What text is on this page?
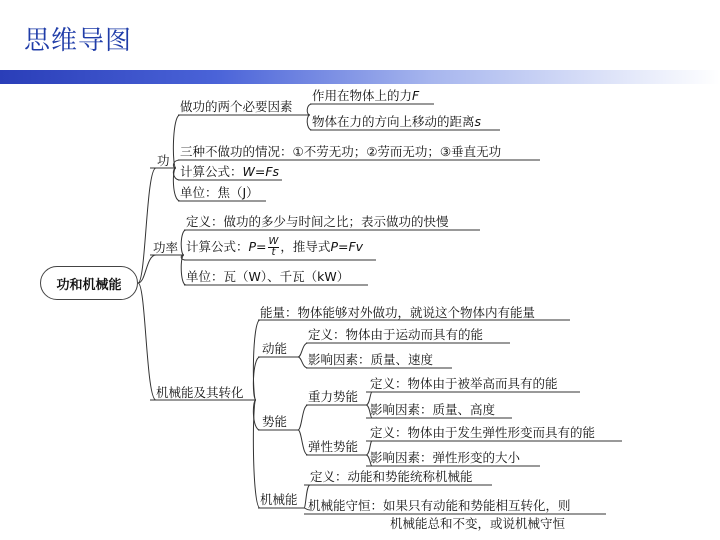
思维导图
功和机械能
功
功率
机械能及其转化
做功的两个必要因素
作用在物体上的力F
物体在力的方向上移动的距离s
三种不做功的情况：①不劳无功；②劳而无功；③垂直无功
计算公式：W=Fs
单位：焦（J）
定义：做功的多少与时间之比；表示做功的快慢
计算公式：$P= \frac{W}{t}$ ，推导式P=Fv
单位：瓦（W）、千瓦（kW）
能量：物体能够对外做功，就说这个物体内有能量
动能
定义：物体由于运动而具有的能
影响因素：质量、速度
势能
重力势能
定义：物体由于被举高而具有的能
影响因素：质量、高度
弹性势能
定义：物体由于发生弹性形变而具有的能
影响因素：弹性形变的大小
机械能
定义：动能和势能统称机械能
机械能守恒：如果只有动能和势能相互转化，则
机械能总和不变，或说机械守恒
